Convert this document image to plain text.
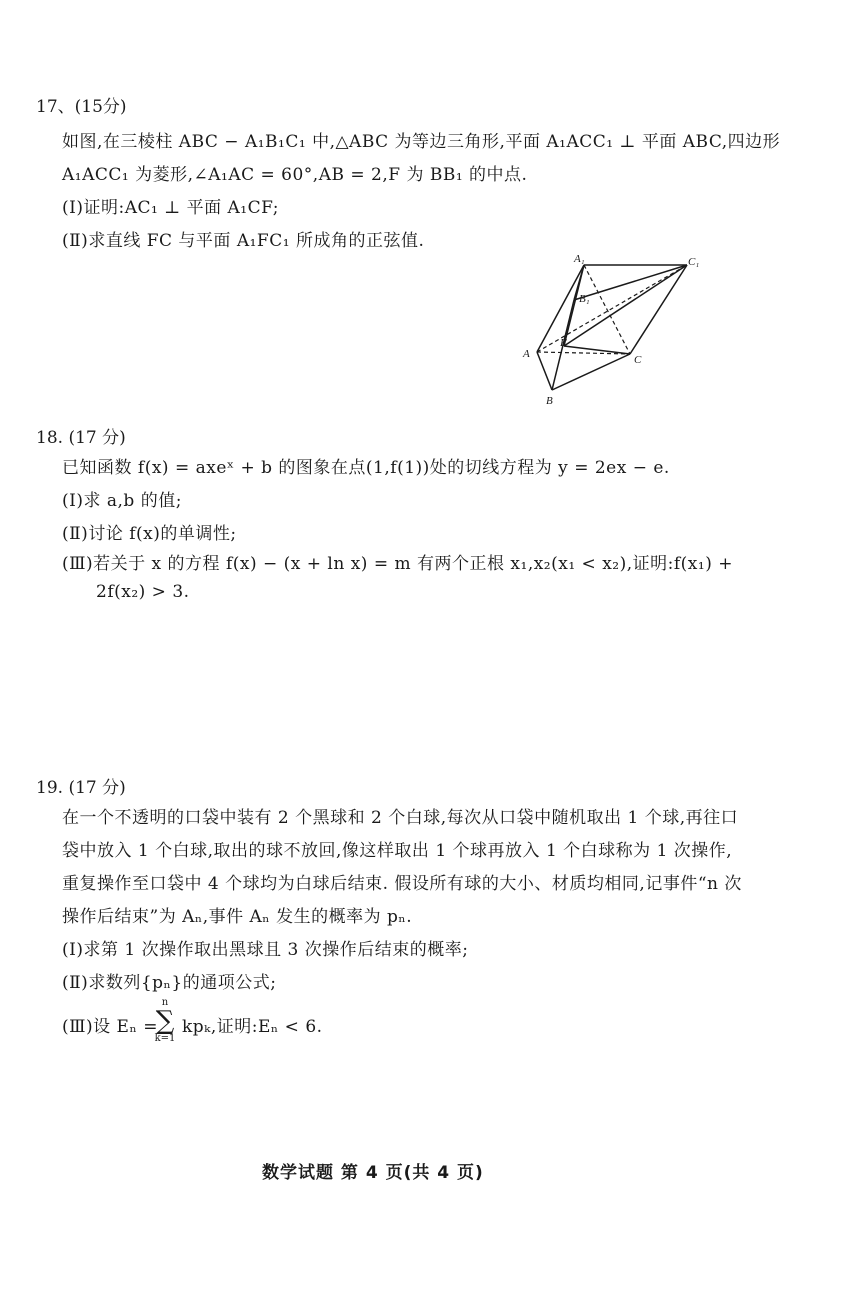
17、(15分)
如图,在三棱柱 ABC − A₁B₁C₁ 中,△ABC 为等边三角形,平面 A₁ACC₁ ⊥ 平面 ABC,四边形
A₁ACC₁ 为菱形,∠A₁AC = 60°,AB = 2,F 为 BB₁ 的中点.
(Ⅰ)证明:AC₁ ⊥ 平面 A₁CF;
(Ⅱ)求直线 FC 与平面 A₁FC₁ 所成角的正弦值.
A₁	C₁
B₁
A
F
C
B
18. (17 分)
已知函数 f(x) = axeˣ + b 的图象在点(1,f(1))处的切线方程为 y = 2ex − e.
(Ⅰ)求 a,b 的值;
(Ⅱ)讨论 f(x)的单调性;
(Ⅲ)若关于 x 的方程 f(x) − (x + ln x) = m 有两个正根 x₁,x₂(x₁ < x₂),证明:f(x₁) +
2f(x₂) > 3.
19. (17 分)
在一个不透明的口袋中装有 2 个黑球和 2 个白球,每次从口袋中随机取出 1 个球,再往口
袋中放入 1 个白球,取出的球不放回,像这样取出 1 个球再放入 1 个白球称为 1 次操作,
重复操作至口袋中 4 个球均为白球后结束. 假设所有球的大小、材质均相同,记事件“n 次
操作后结束”为 Aₙ,事件 Aₙ 发生的概率为 pₙ.
(Ⅰ)求第 1 次操作取出黑球且 3 次操作后结束的概率;
(Ⅱ)求数列{pₙ}的通项公式;
(Ⅲ)设 Eₙ =
n
∑
k=1
kpₖ,证明:Eₙ < 6.
数学试题 第 4 页(共 4 页)
